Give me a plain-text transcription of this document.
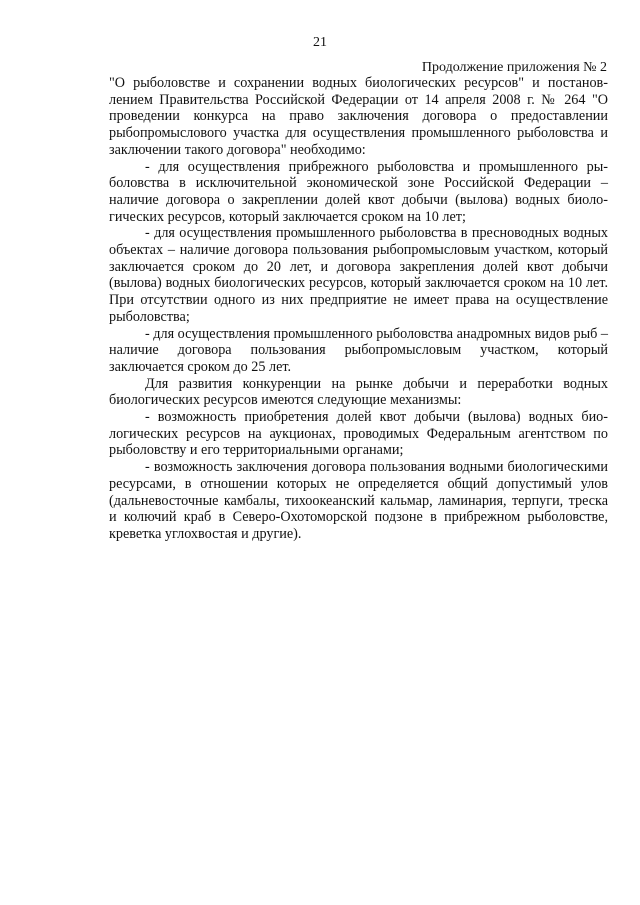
21
Продолжение приложения № 2

"О рыболовстве и сохранении водных биологических ресурсов" и постановлением Правительства Российской Федерации от 14 апреля 2008 г. № 264 "О проведении конкурса на право заключения договора о предоставлении рыбопромыслового участка для осуществления промышленного рыболовства и заключении такого договора" необходимо:

- для осуществления прибрежного рыболовства и промышленного рыболовства в исключительной экономической зоне Российской Федерации – наличие договора о закреплении долей квот добычи (вылова) водных биологических ресурсов, который заключается сроком на 10 лет;

- для осуществления промышленного рыболовства в пресноводных водных объектах – наличие договора пользования рыбопромысловым участком, который заключается сроком до 20 лет, и договора закрепления долей квот добычи (вылова) водных биологических ресурсов, который заключается сроком на 10 лет. При отсутствии одного из них предприятие не имеет права на осуществление рыболовства;

- для осуществления промышленного рыболовства анадромных видов рыб – наличие договора пользования рыбопромысловым участком, который заключается сроком до 25 лет.

Для развития конкуренции на рынке добычи и переработки водных биологических ресурсов имеются следующие механизмы:

- возможность приобретения долей квот добычи (вылова) водных биологических ресурсов на аукционах, проводимых Федеральным агентством по рыболовству и его территориальными органами;

- возможность заключения договора пользования водными биологическими ресурсами, в отношении которых не определяется общий допустимый улов (дальневосточные камбалы, тихоокеанский кальмар, ламинария, терпуги, треска и колючий краб в Северо-Охотоморской подзоне в прибрежном рыболовстве, креветка углохвостая и другие).
